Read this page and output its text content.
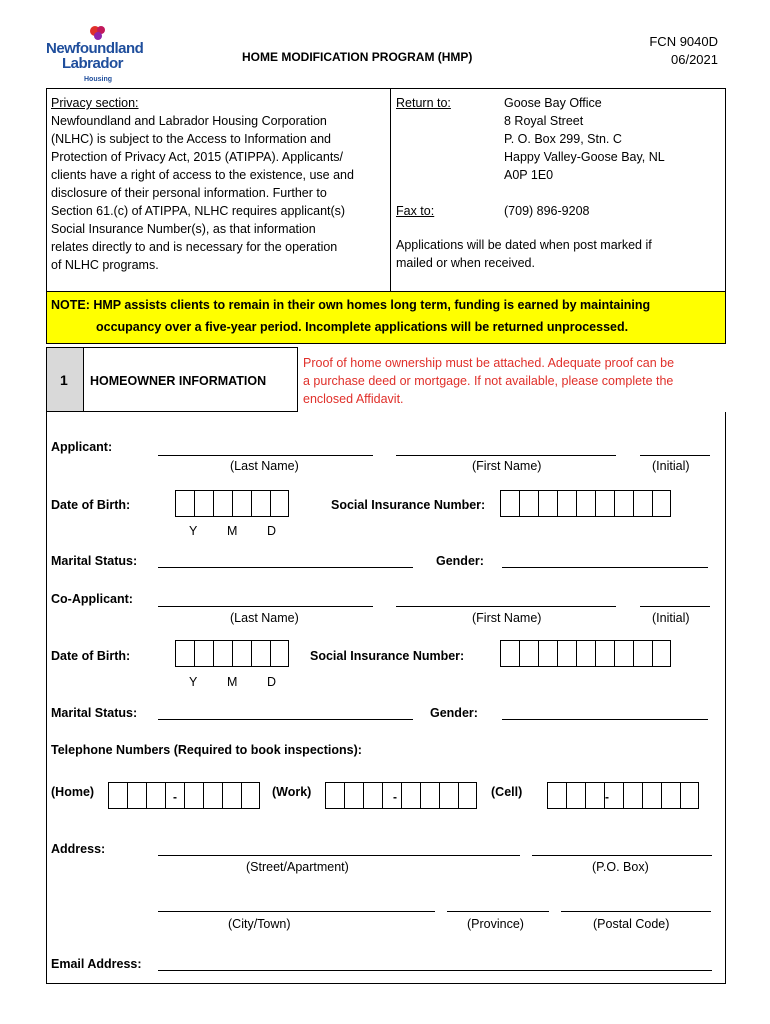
Newfoundland
Labrador
Housing
HOME MODIFICATION PROGRAM (HMP)
FCN 9040D
06/2021
Privacy section:
Newfoundland and Labrador Housing Corporation
(NLHC) is subject to the Access to Information and
Protection of Privacy Act, 2015 (ATIPPA). Applicants/
clients have a right of access to the existence, use and
disclosure of their personal information. Further to
Section 61.(c) of ATIPPA, NLHC requires applicant(s)
Social Insurance Number(s), as that information
relates directly to and is necessary for the operation
of NLHC programs.
Return to:	Goose Bay Office
8 Royal Street
P. O. Box 299, Stn. C
Happy Valley-Goose Bay, NL
A0P 1E0
Fax to:	(709) 896-9208
Applications will be dated when post marked if
mailed or when received.
NOTE: HMP assists clients to remain in their own homes long term, funding is earned by maintaining
occupancy over a five-year period. Incomplete applications will be returned unprocessed.
1 HOMEOWNER INFORMATION
Proof of home ownership must be attached. Adequate proof can be
a purchase deed or mortgage. If not available, please complete the
enclosed Affidavit.
Applicant:
(Last Name)	(First Name)	(Initial)
Date of Birth:
Y M D
Social Insurance Number:
Marital Status:	Gender:
Co-Applicant:
(Last Name)	(First Name)	(Initial)
Date of Birth:
Y M D
Social Insurance Number:
Marital Status:	Gender:
Telephone Numbers (Required to book inspections):
(Home)	-	(Work)	-	(Cell)	-
Address:
(Street/Apartment)	(P.O. Box)
(City/Town)	(Province)	(Postal Code)
Email Address:
